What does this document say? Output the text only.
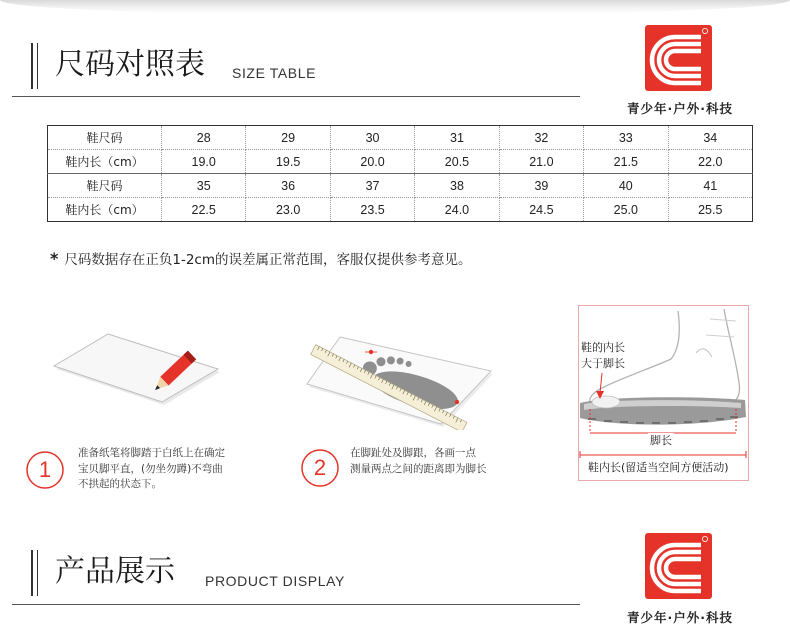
尺码对照表 SIZE TABLE
青少年·户外·科技
鞋尺码	28	29	30	31	32	33	34
鞋内长（cm）	19.0	19.5	20.0	20.5	21.0	21.5	22.0
鞋尺码	35	36	37	38	39	40	41
鞋内长（cm）	22.5	23.0	23.5	24.0	24.5	25.0	25.5
* 尺码数据存在正负1-2cm的误差属正常范围，客服仅提供参考意见。
1
准备纸笔将脚踏于白纸上在确定
宝贝脚平直，(勿坐勿蹲)不弯曲
不拱起的状态下。
2
在脚趾处及脚跟，各画一点
测量两点之间的距离即为脚长
鞋的内长
大于脚长
脚长
鞋内长(留适当空间方便活动)
产品展示 PRODUCT DISPLAY
青少年·户外·科技
